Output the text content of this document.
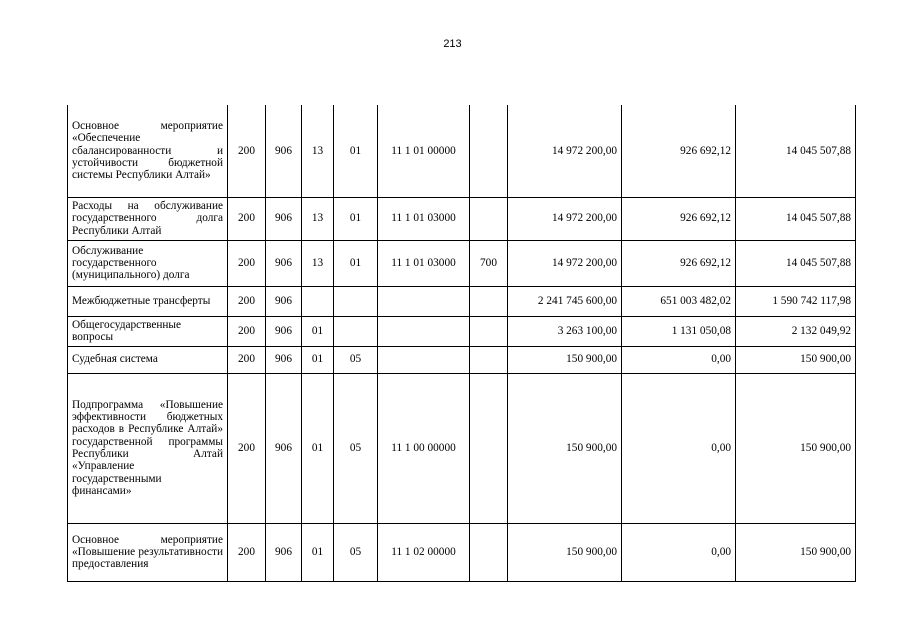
213
Основное мероприятие «Обеспечение сбалансированности и устойчивости бюджетной системы Республики Алтай»	200	906	13	01	11 1 01 00000		14 972 200,00	926 692,12	14 045 507,88
Расходы на обслуживание государственного долга Республики Алтай	200	906	13	01	11 1 01 03000		14 972 200,00	926 692,12	14 045 507,88
Обслуживание государственного (муниципального) долга	200	906	13	01	11 1 01 03000	700	14 972 200,00	926 692,12	14 045 507,88
Межбюджетные трансферты	200	906					2 241 745 600,00	651 003 482,02	1 590 742 117,98
Общегосударственные вопросы	200	906	01				3 263 100,00	1 131 050,08	2 132 049,92
Судебная система	200	906	01	05			150 900,00	0,00	150 900,00
Подпрограмма «Повышение эффективности бюджетных расходов в Республике Алтай» государственной программы Республики Алтай «Управление государственными финансами»	200	906	01	05	11 1 00 00000		150 900,00	0,00	150 900,00
Основное мероприятие «Повышение результативности предоставления	200	906	01	05	11 1 02 00000		150 900,00	0,00	150 900,00
